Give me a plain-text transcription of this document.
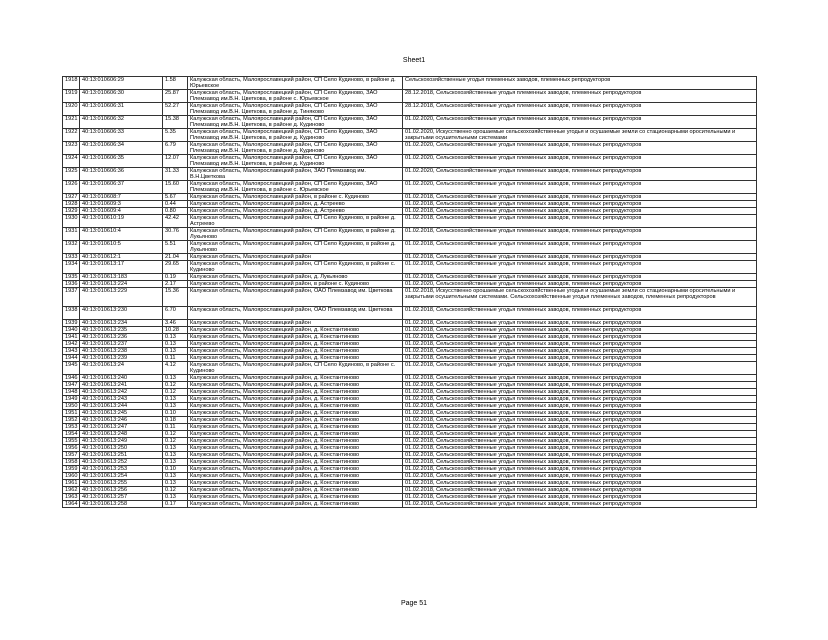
Sheet1
1918	40:13:010606:29	1.58	Калужская область, Малоярославецкий район, СП Село Кудиново, в районе д. Юрьевское	Сельскохозяйственные угодья племенных заводов, племенных репродукторов
1919	40:13:010606:30	25.87	Калужская область, Малоярославецкий район, СП Село Кудиново, ЗАО Племзавод им.В.Н. Цветкова, в районе с. Юрьевское	28.12.2018, Сельскохозяйственные угодья племенных заводов, племенных репродукторов
1920	40:13:010606:31	52.27	Калужская область, Малоярославецкий район, СП Село Кудиново, ЗАО Племзавод им.В.Н. Цветкова, в районе д. Тиняково	28.12.2018, Сельскохозяйственные угодья племенных заводов, племенных репродукторов
1921	40:13:010606:32	15.38	Калужская область, Малоярославецкий район, СП Село Кудиново, ЗАО Племзавод им.В.Н. Цветкова, в районе д. Кудиново	01.02.2020, Сельскохозяйственные угодья племенных заводов, племенных репродукторов
1922	40:13:010606:33	5.35	Калужская область, Малоярославецкий район, СП Село Кудиново, ЗАО Племзавод им.В.Н. Цветкова, в районе д. Кудиново	01.02.2020, Искусственно орошаемые сельскохозяйственные угодья и осушаемые земли со стационарными оросительными и закрытыми осушительными системами
1923	40:13:010606:34	6.79	Калужская область, Малоярославецкий район, СП Село Кудиново, ЗАО Племзавод им.В.Н. Цветкова, в районе д. Кудиново	01.02.2020, Сельскохозяйственные угодья племенных заводов, племенных репродукторов
1924	40:13:010606:35	12.07	Калужская область, Малоярославецкий район, СП Село Кудиново, ЗАО Племзавод им.В.Н. Цветкова, в районе д. Кудиново	01.02.2020, Сельскохозяйственные угодья племенных заводов, племенных репродукторов
1925	40:13:010606:36	31.33	Калужская область, Малоярославецкий район, ЗАО Племзавод им. В.Н.Цветкова	01.02.2020, Сельскохозяйственные угодья племенных заводов, племенных репродукторов
1926	40:13:010606:37	15.60	Калужская область, Малоярославецкий район, СП Село Кудиново, ЗАО Племзавод им.В.Н. Цветкова, в районе с. Юрьевское	01.02.2020, Сельскохозяйственные угодья племенных заводов, племенных репродукторов
1927	40:13:010608:7	5.67	Калужская область, Малоярославецкий район, в районе с. Кудиново	01.02.2018, Сельскохозяйственные угодья племенных заводов, племенных репродукторов
1928	40:13:010609:3	0.44	Калужская область, Малоярославецкий район, д. Астреево	01.02.2018, Сельскохозяйственные угодья племенных заводов, племенных репродукторов
1929	40:13:010609:4	0.80	Калужская область, Малоярославецкий район, д. Астреево	01.02.2018, Сельскохозяйственные угодья племенных заводов, племенных репродукторов
1930	40:13:010610:19	42.42	Калужская область, Малоярославецкий район, СП Село Кудиново, в районе д. Астреево	01.02.2018, Сельскохозяйственные угодья племенных заводов, племенных репродукторов
1931	40:13:010610:4	30.76	Калужская область, Малоярославецкий район, СП Село Кудиново, в районе д. Лукьяново	01.02.2018, Сельскохозяйственные угодья племенных заводов, племенных репродукторов
1932	40:13:010610:5	5.51	Калужская область, Малоярославецкий район, СП Село Кудиново, в районе д. Лукьяново	01.02.2018, Сельскохозяйственные угодья племенных заводов, племенных репродукторов
1933	40:13:010612:1	21.04	Калужская область, Малоярославецкий район	01.02.2018, Сельскохозяйственные угодья племенных заводов, племенных репродукторов
1934	40:13:010613:17	29.65	Калужская область, Малоярославецкий район, СП Село Кудиново, в районе с. Кудиново	01.02.2018, Сельскохозяйственные угодья племенных заводов, племенных репродукторов
1935	40:13:010613:183	0.19	Калужская область, Малоярославецкий район, д. Лукьяново	01.02.2018, Сельскохозяйственные угодья племенных заводов, племенных репродукторов
1936	40:13:010613:224	2.17	Калужская область, Малоярославецкий район, в районе с. Кудиново	01.02.2020, Сельскохозяйственные угодья племенных заводов, племенных репродукторов
1937	40:13:010613:229	15.36	Калужская область, Малоярославецкий район, ОАО Племзавод им. Цветкова	01.02.2018, Искусственно орошаемые сельскохозяйственные угодья и осушаемые земли со стационарными оросительными и закрытыми осушительными системами. Сельскохозяйственные угодья племенных заводов, племенных репродукторов
1938	40:13:010613:230	6.70	Калужская область, Малоярославецкий район, ОАО Племзавод им. Цветкова	01.02.2018, Сельскохозяйственные угодья племенных заводов, племенных репродукторов
1939	40:13:010613:234	3.46	Калужская область, Малоярославецкий район	01.02.2018, Сельскохозяйственные угодья племенных заводов, племенных репродукторов
1940	40:13:010613:235	10.28	Калужская область, Малоярославецкий район, д. Константиново	01.02.2018, Сельскохозяйственные угодья племенных заводов, племенных репродукторов
1941	40:13:010613:236	0.13	Калужская область, Малоярославецкий район, д. Константиново	01.02.2018, Сельскохозяйственные угодья племенных заводов, племенных репродукторов
1942	40:13:010613:237	0.13	Калужская область, Малоярославецкий район, д. Константиново	01.02.2018, Сельскохозяйственные угодья племенных заводов, племенных репродукторов
1943	40:13:010613:238	0.13	Калужская область, Малоярославецкий район, д. Константиново	01.02.2018, Сельскохозяйственные угодья племенных заводов, племенных репродукторов
1944	40:13:010613:239	0.11	Калужская область, Малоярославецкий район, д. Константиново	01.02.2018, Сельскохозяйственные угодья племенных заводов, племенных репродукторов
1945	40:13:010613:24	4.12	Калужская область, Малоярославецкий район, СП Село Кудиново, в районе с. Кудиново	01.02.2018, Сельскохозяйственные угодья племенных заводов, племенных репродукторов
1946	40:13:010613:240	0.13	Калужская область, Малоярославецкий район, д. Константиново	01.02.2018, Сельскохозяйственные угодья племенных заводов, племенных репродукторов
1947	40:13:010613:241	0.12	Калужская область, Малоярославецкий район, д. Константиново	01.02.2018, Сельскохозяйственные угодья племенных заводов, племенных репродукторов
1948	40:13:010613:242	0.12	Калужская область, Малоярославецкий район, д. Константиново	01.02.2018, Сельскохозяйственные угодья племенных заводов, племенных репродукторов
1949	40:13:010613:243	0.13	Калужская область, Малоярославецкий район, д. Константиново	01.02.2018, Сельскохозяйственные угодья племенных заводов, племенных репродукторов
1950	40:13:010613:244	0.13	Калужская область, Малоярославецкий район, д. Константиново	01.02.2018, Сельскохозяйственные угодья племенных заводов, племенных репродукторов
1951	40:13:010613:245	0.10	Калужская область, Малоярославецкий район, д. Константиново	01.02.2018, Сельскохозяйственные угодья племенных заводов, племенных репродукторов
1952	40:13:010613:246	0.18	Калужская область, Малоярославецкий район, д. Константиново	01.02.2018, Сельскохозяйственные угодья племенных заводов, племенных репродукторов
1953	40:13:010613:247	0.11	Калужская область, Малоярославецкий район, д. Константиново	01.02.2018, Сельскохозяйственные угодья племенных заводов, племенных репродукторов
1954	40:13:010613:248	0.12	Калужская область, Малоярославецкий район, д. Константиново	01.02.2018, Сельскохозяйственные угодья племенных заводов, племенных репродукторов
1955	40:13:010613:249	0.12	Калужская область, Малоярославецкий район, д. Константиново	01.02.2018, Сельскохозяйственные угодья племенных заводов, племенных репродукторов
1956	40:13:010613:250	0.13	Калужская область, Малоярославецкий район, д. Константиново	01.02.2018, Сельскохозяйственные угодья племенных заводов, племенных репродукторов
1957	40:13:010613:251	0.13	Калужская область, Малоярославецкий район, д. Константиново	01.02.2018, Сельскохозяйственные угодья племенных заводов, племенных репродукторов
1958	40:13:010613:252	0.13	Калужская область, Малоярославецкий район, д. Константиново	01.02.2018, Сельскохозяйственные угодья племенных заводов, племенных репродукторов
1959	40:13:010613:253	0.10	Калужская область, Малоярославецкий район, д. Константиново	01.02.2018, Сельскохозяйственные угодья племенных заводов, племенных репродукторов
1960	40:13:010613:254	0.13	Калужская область, Малоярославецкий район, д. Константиново	01.02.2018, Сельскохозяйственные угодья племенных заводов, племенных репродукторов
1961	40:13:010613:255	0.13	Калужская область, Малоярославецкий район, д. Константиново	01.02.2018, Сельскохозяйственные угодья племенных заводов, племенных репродукторов
1962	40:13:010613:256	0.12	Калужская область, Малоярославецкий район, д. Константиново	01.02.2018, Сельскохозяйственные угодья племенных заводов, племенных репродукторов
1963	40:13:010613:257	0.13	Калужская область, Малоярославецкий район, д. Константиново	01.02.2018, Сельскохозяйственные угодья племенных заводов, племенных репродукторов
1964	40:13:010613:258	0.17	Калужская область, Малоярославецкий район, д. Константиново	01.02.2018, Сельскохозяйственные угодья племенных заводов, племенных репродукторов
Page 51
